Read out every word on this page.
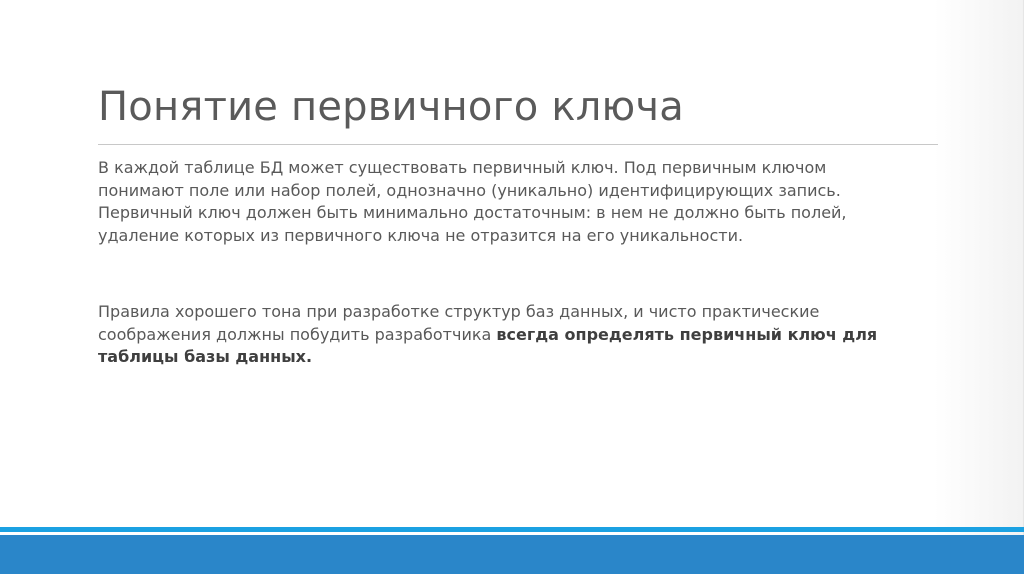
Понятие первичного ключа
В каждой таблице БД может существовать первичный ключ. Под первичным ключом
понимают поле или набор полей, однозначно (уникально) идентифицирующих запись.
Первичный ключ должен быть минимально достаточным: в нем не должно быть полей,
удаление которых из первичного ключа не отразится на его уникальности.
Правила хорошего тона при разработке структур баз данных, и чисто практические
соображения должны побудить разработчика всегда определять первичный ключ для
таблицы базы данных.
